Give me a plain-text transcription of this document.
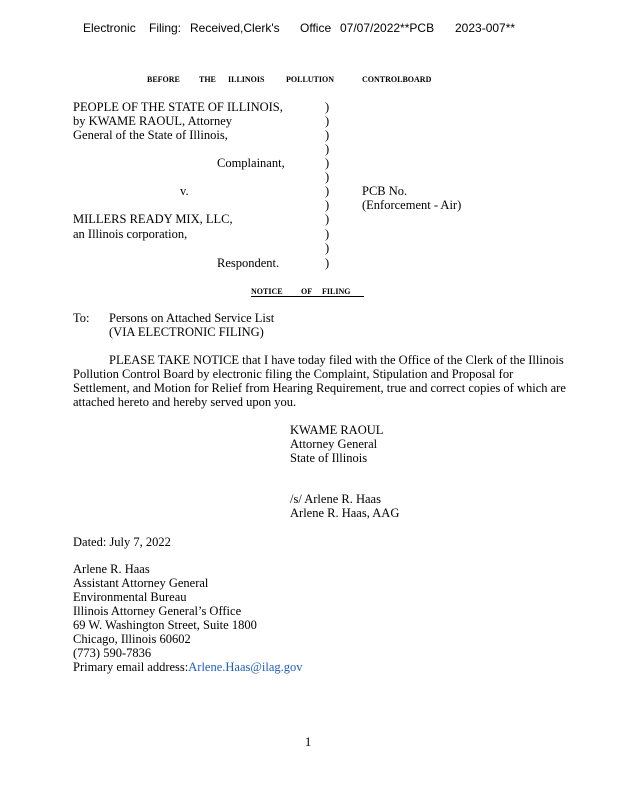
Electronic Filing: Received,Clerk's Office 07/07/2022**PCB 2023-007**
BEFORE THE ILLINOIS	POLLUTION	CONTROLBOARD
PEOPLE OF THE STATE OF ILLINOIS,
by KWAME RAOUL, Attorney
General of the State of Illinois,
Complainant,
v.
MILLERS READY MIX, LLC,
an Illinois corporation,
Respondent.
)
)
)
)
)
)
)
)
)
)
)
)
PCB No.
(Enforcement - Air)
NOTICE OF FILING
To: Persons on Attached Service List
(VIA ELECTRONIC FILING)
PLEASE TAKE NOTICE that I have today filed with the Office of the Clerk of the Illinois
Pollution Control Board by electronic filing the Complaint, Stipulation and Proposal for
Settlement, and Motion for Relief from Hearing Requirement, true and correct copies of which are
attached hereto and hereby served upon you.
KWAME RAOUL
Attorney General
State of Illinois
/s/ Arlene R. Haas
Arlene R. Haas, AAG
Dated: July 7, 2022
Arlene R. Haas
Assistant Attorney General
Environmental Bureau
Illinois Attorney General’s Office
69 W. Washington Street, Suite 1800
Chicago, Illinois 60602
(773) 590-7836
Primary email address:Arlene.Haas@ilag.gov
1
